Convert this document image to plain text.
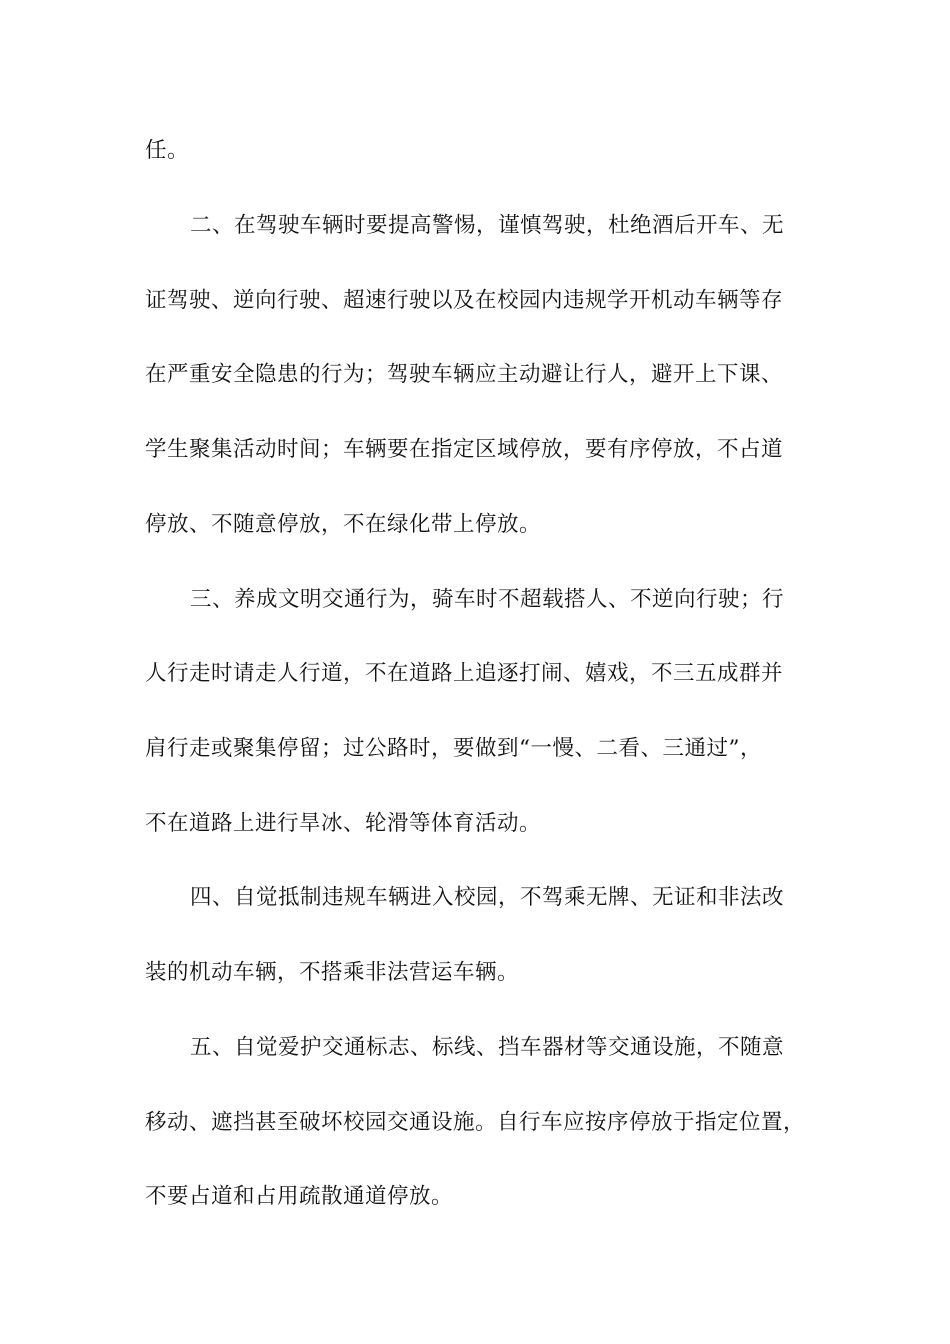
任。
二、在驾驶车辆时要提高警惕，谨慎驾驶，杜绝酒后开车、无
证驾驶、逆向行驶、超速行驶以及在校园内违规学开机动车辆等存
在严重安全隐患的行为；驾驶车辆应主动避让行人，避开上下课、
学生聚集活动时间；车辆要在指定区域停放，要有序停放，不占道
停放、不随意停放，不在绿化带上停放。
三、养成文明交通行为，骑车时不超载搭人、不逆向行驶；行
人行走时请走人行道，不在道路上追逐打闹、嬉戏，不三五成群并
肩行走或聚集停留；过公路时，要做到“一慢、二看、三通过”，
不在道路上进行旱冰、轮滑等体育活动。
四、自觉抵制违规车辆进入校园，不驾乘无牌、无证和非法改
装的机动车辆，不搭乘非法营运车辆。
五、自觉爱护交通标志、标线、挡车器材等交通设施，不随意
移动、遮挡甚至破坏校园交通设施。自行车应按序停放于指定位置，
不要占道和占用疏散通道停放。
